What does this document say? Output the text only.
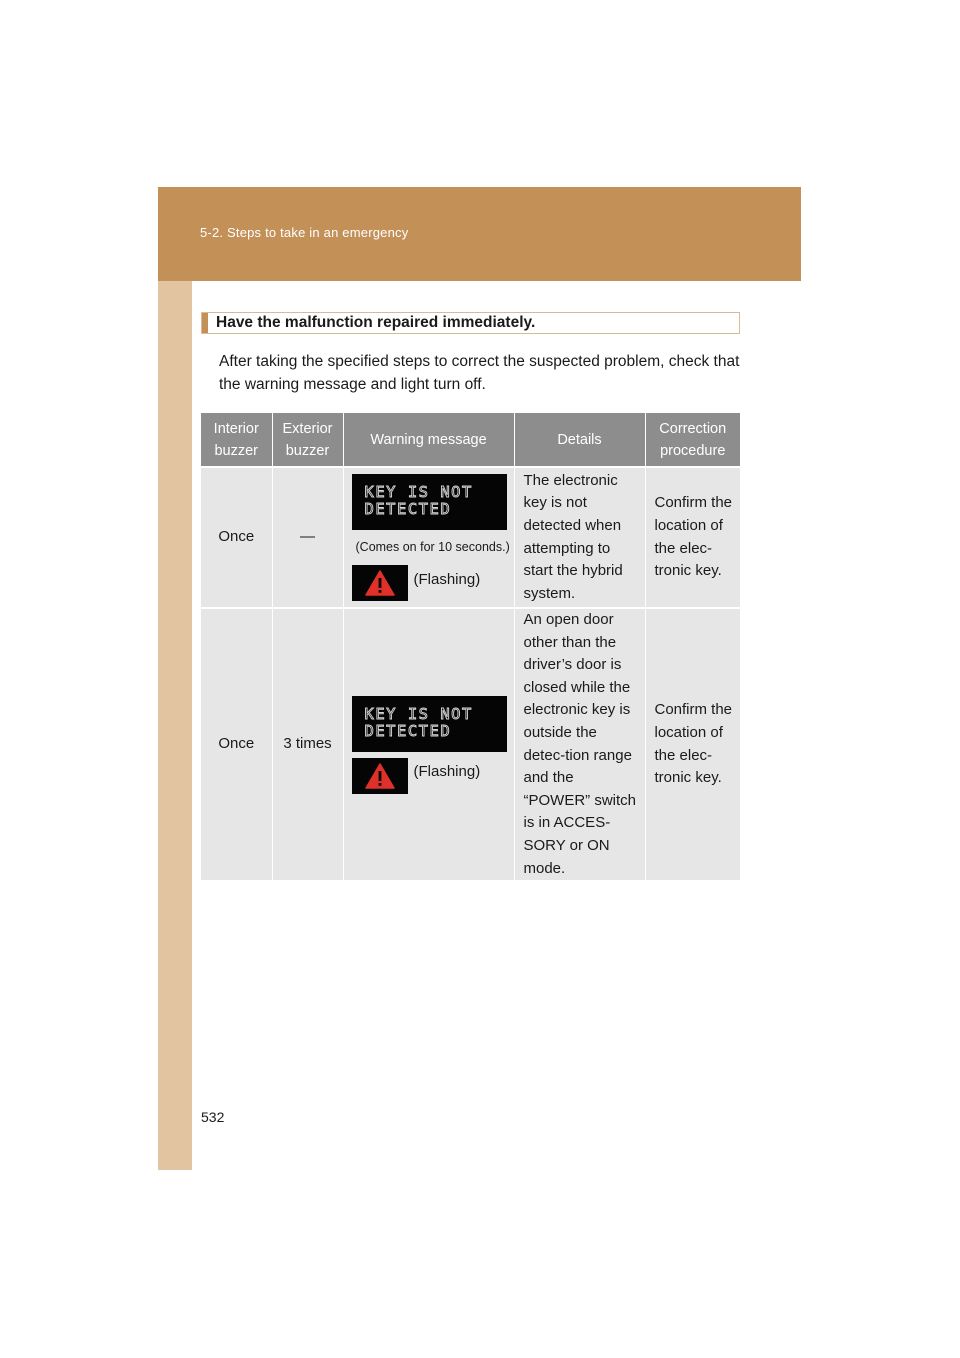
5-2. Steps to take in an emergency
Have the malfunction repaired immediately.
After taking the specified steps to correct the suspected problem, check that the warning message and light turn off.
Interior buzzer	Exterior buzzer	Warning message	Details	Correction procedure
Once	—	KEY IS NOT
DETECTED
(Comes on for 10 seconds.)
(Flashing)	The electronic key is not detected when attempting to start the hybrid system.	Confirm the location of the elec-tronic key.
Once	3 times	KEY IS NOT
DETECTED
(Flashing)	An open door other than the driver’s door is closed while the electronic key is outside the detec-tion range and the “POWER” switch is in ACCES-SORY or ON mode.	Confirm the location of the elec-tronic key.
532
